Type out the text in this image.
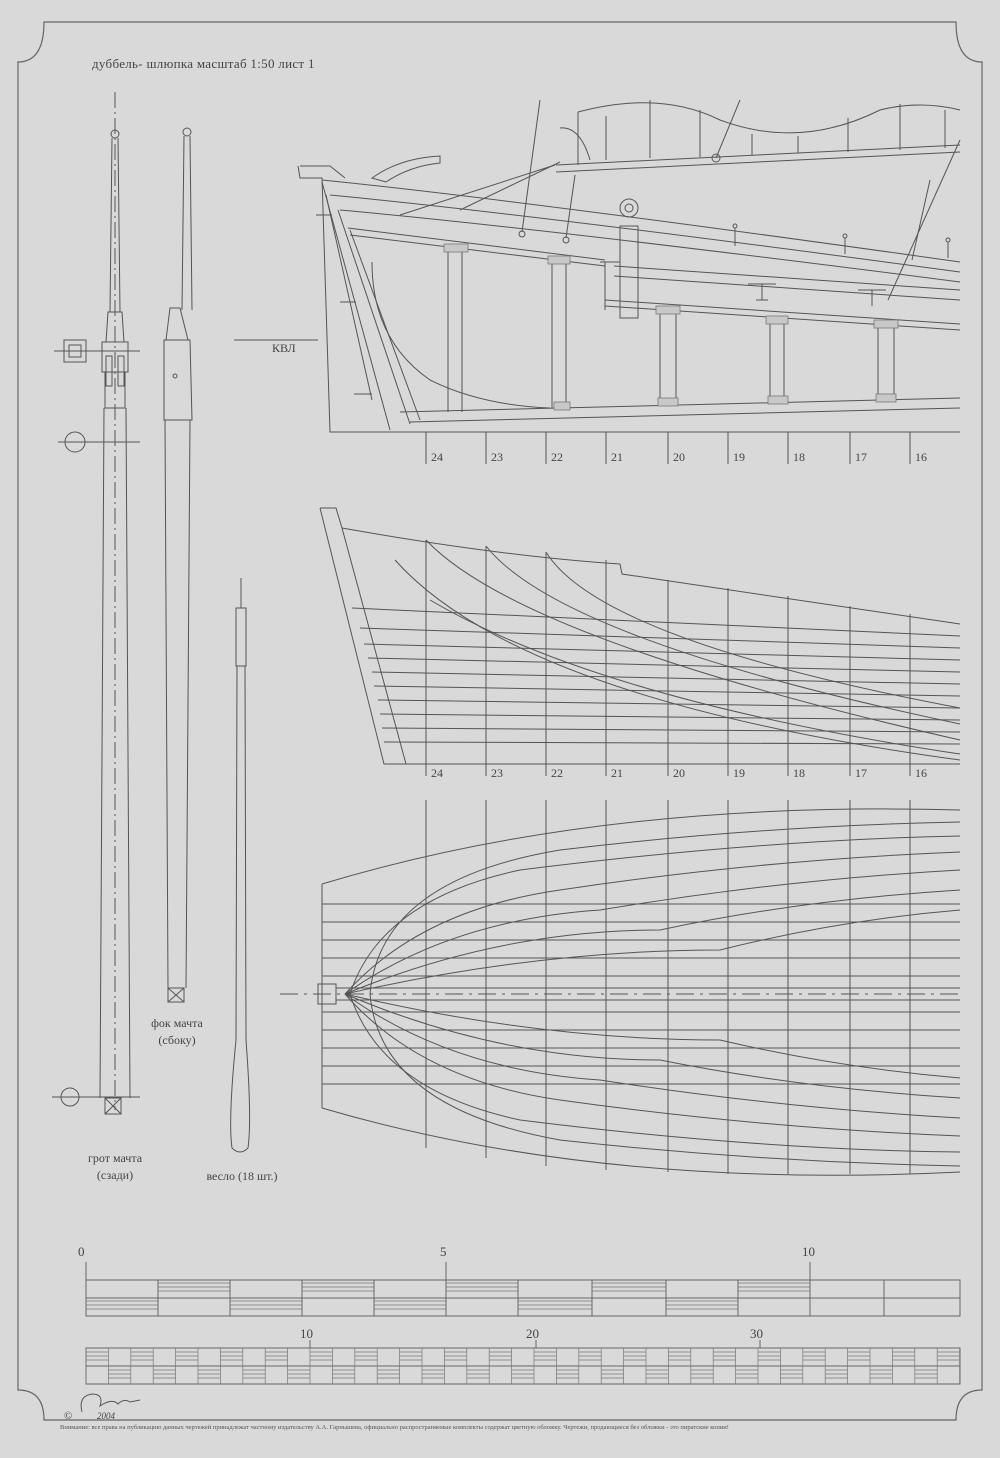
дуббель- шлюпка масштаб 1:50 лист 1
КВЛ
24	23	22	21	20	19	18	17	16
24	23	22	21	20	19	18	17	16
грот мачта
(сзади)
фок мачта
(сбоку)
весло (18 шт.)
0	5	10
10	20	30
©	2004
Внимание: все права на публикацию данных чертежей принадлежат частному издательству А.А. Гарнышева, официально распространяемые комплекты содержат цветную обложку. Чертежи, продающиеся без обложки - это пиратские копии!
